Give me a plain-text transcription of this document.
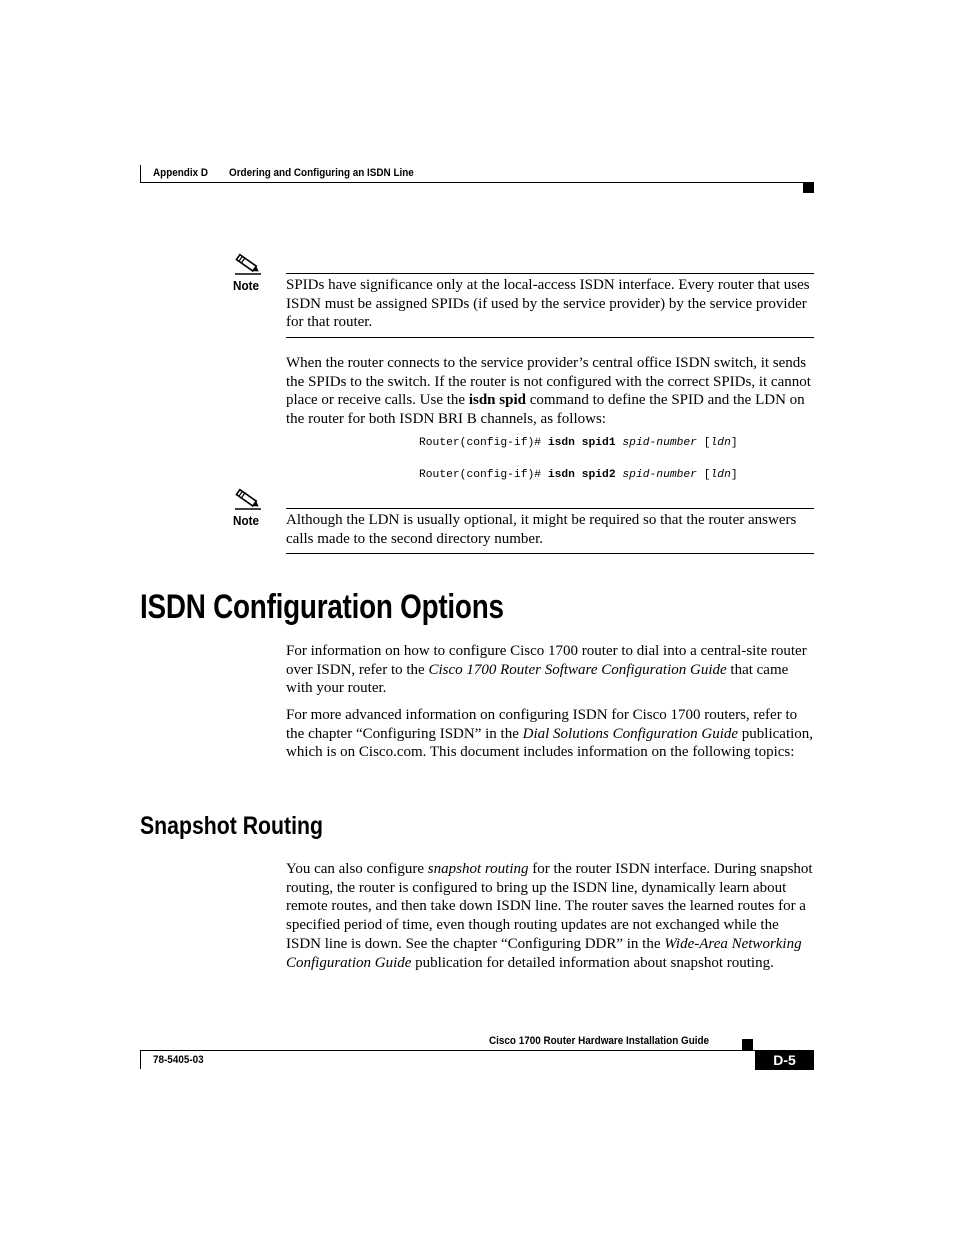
Appendix D Ordering and Configuring an ISDN Line
Note SPIDs have significance only at the local-access ISDN interface. Every router that uses ISDN must be assigned SPIDs (if used by the service provider) by the service provider for that router.

When the router connects to the service provider’s central office ISDN switch, it sends the SPIDs to the switch. If the router is not configured with the correct SPIDs, it cannot place or receive calls. Use the isdn spid command to define the SPID and the LDN on the router for both ISDN BRI B channels, as follows:

Router(config-if)# isdn spid1 spid-number [ldn]
Router(config-if)# isdn spid2 spid-number [ldn]
Note Although the LDN is usually optional, it might be required so that the router answers calls made to the second directory number.
ISDN Configuration Options

For information on how to configure Cisco 1700 router to dial into a central-site router over ISDN, refer to the Cisco 1700 Router Software Configuration Guide that came with your router.

For more advanced information on configuring ISDN for Cisco 1700 routers, refer to the chapter “Configuring ISDN” in the Dial Solutions Configuration Guide publication, which is on Cisco.com. This document includes information on the following topics:

Snapshot Routing

You can also configure snapshot routing for the router ISDN interface. During snapshot routing, the router is configured to bring up the ISDN line, dynamically learn about remote routes, and then take down ISDN line. The router saves the learned routes for a specified period of time, even though routing updates are not exchanged while the ISDN line is down. See the chapter “Configuring DDR” in the Wide-Area Networking Configuration Guide publication for detailed information about snapshot routing.

Cisco 1700 Router Hardware Installation Guide
78-5405-03	D-5
